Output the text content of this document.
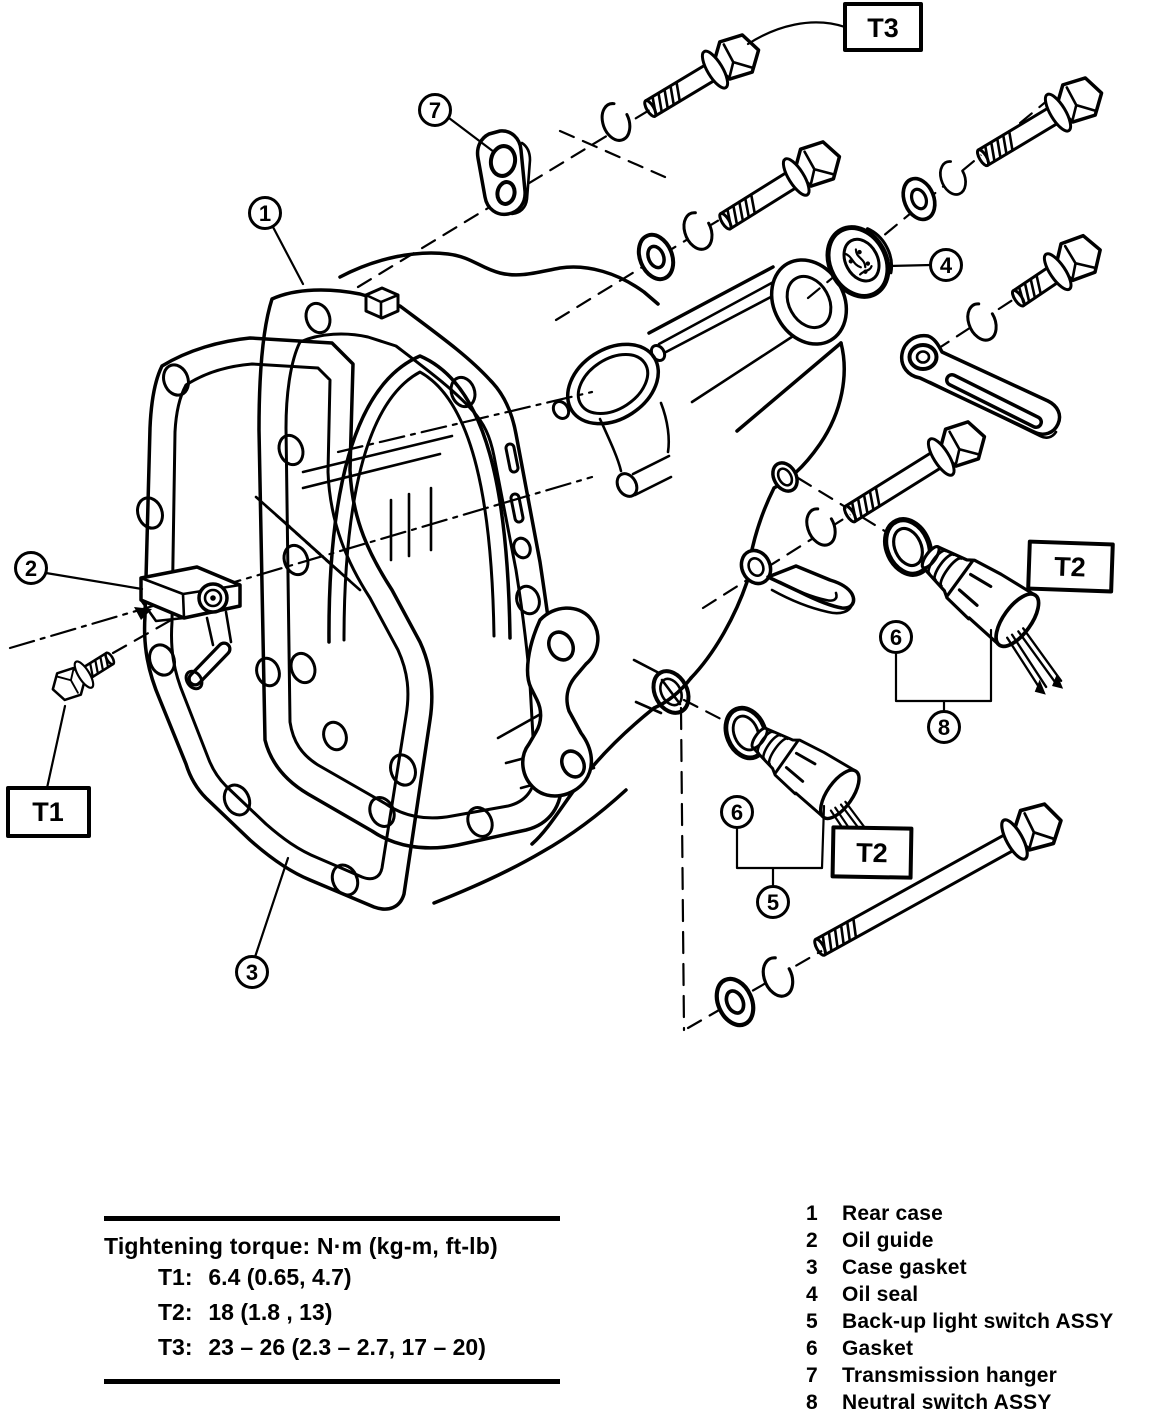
1
2
3
4
5
6
6
7
8
T3
T2
T2
T1
Tightening torque: N·m (kg-m, ft-lb)
T1: 6.4 (0.65, 4.7)
T2: 18 (1.8 , 13)
T3: 23 – 26 (2.3 – 2.7, 17 – 20)
1	Rear case
2	Oil guide
3	Case gasket
4	Oil seal
5	Back-up light switch ASSY
6	Gasket
7	Transmission hanger
8	Neutral switch ASSY
